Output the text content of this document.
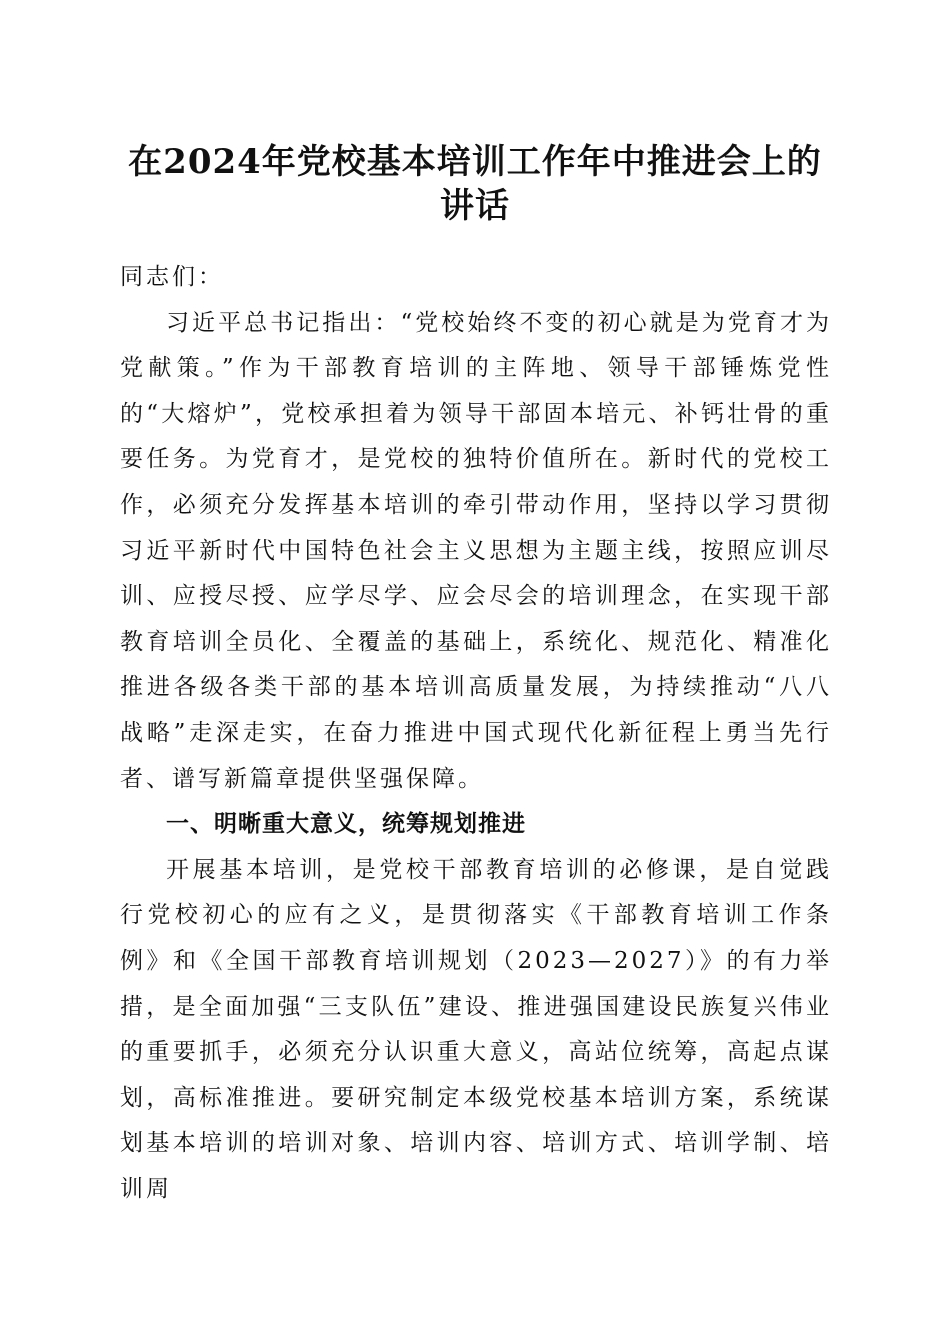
在2024年党校基本培训工作年中推进会上的
讲话

同志们：

习近平总书记指出：“党校始终不变的初心就是为党育才为党献策。”作为干部教育培训的主阵地、领导干部锤炼党性的“大熔炉”，党校承担着为领导干部固本培元、补钙壮骨的重要任务。为党育才，是党校的独特价值所在。新时代的党校工作，必须充分发挥基本培训的牵引带动作用，坚持以学习贯彻习近平新时代中国特色社会主义思想为主题主线，按照应训尽训、应授尽授、应学尽学、应会尽会的培训理念，在实现干部教育培训全员化、全覆盖的基础上，系统化、规范化、精准化推进各级各类干部的基本培训高质量发展，为持续推动“八八战略”走深走实，在奋力推进中国式现代化新征程上勇当先行者、谱写新篇章提供坚强保障。

一、明晰重大意义，统筹规划推进

开展基本培训，是党校干部教育培训的必修课，是自觉践行党校初心的应有之义，是贯彻落实《干部教育培训工作条例》和《全国干部教育培训规划（2023—2027）》的有力举措，是全面加强“三支队伍”建设、推进强国建设民族复兴伟业的重要抓手，必须充分认识重大意义，高站位统筹，高起点谋划，高标准推进。要研究制定本级党校基本培训方案，系统谋划基本培训的培训对象、培训内容、培训方式、培训学制、培训周
